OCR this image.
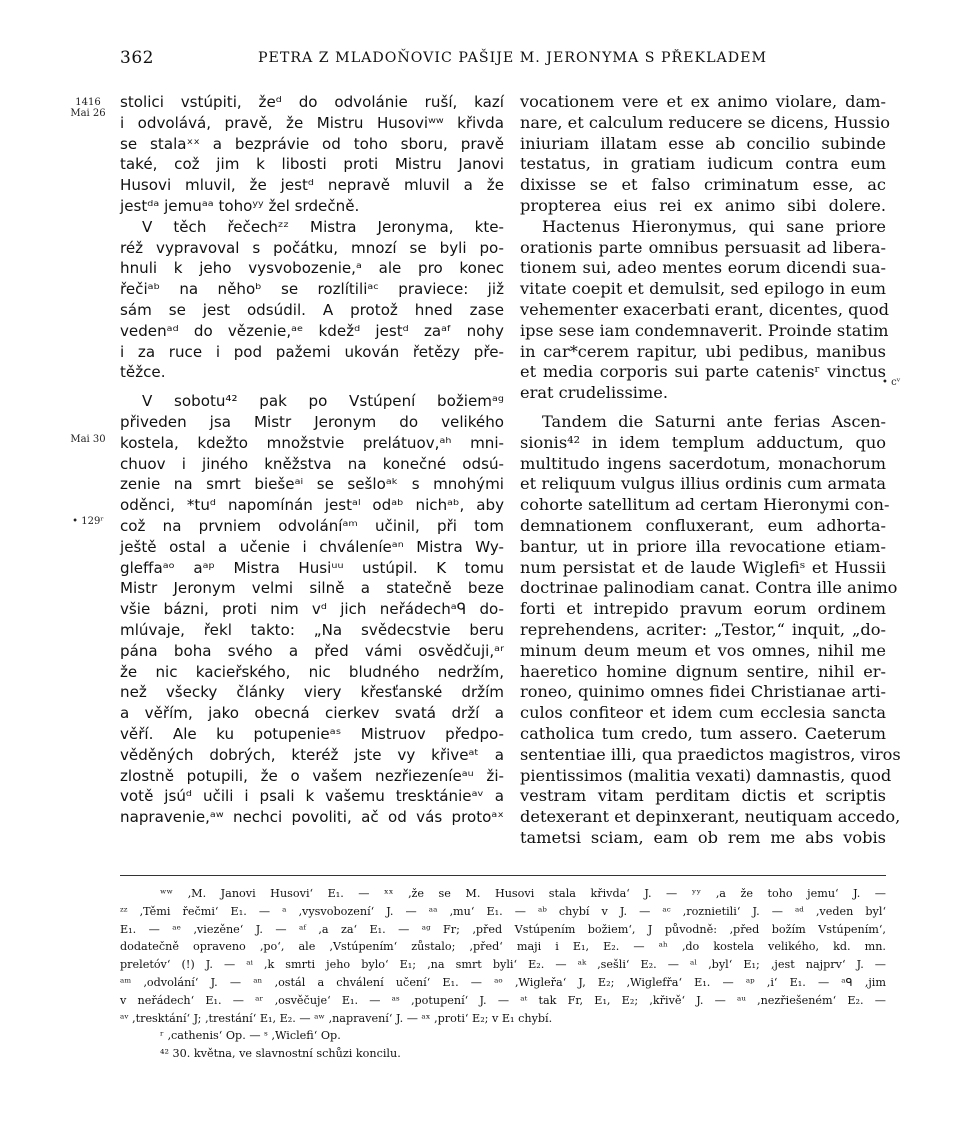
362	PETRA Z MLADOŇOVIC PAŠIJE M. JERONYMA S PŘEKLADEM
1416
Mai 26
Mai 30
• 129ʳ
• cᵛ
stolici vstúpiti, žeᵈ do odvolánie ruší, kazí
i odvolává, pravě, že Mistru Husoviʷʷ křivda
se stalaˣˣ a bezprávie od toho sboru, pravě
také, což jim k libosti proti Mistru Janovi
Husovi mluvil, že jestᵈ nepravě mluvil a že
jestᵈᵃ jemuᵃᵃ tohoʸʸ žel srdečně.
V těch řečechᶻᶻ Mistra Jeronyma, kte-
réž vypravoval s počátku, mnozí se byli po-
hnuli k jeho vysvobozenie,ᵃ ale pro konec
řečiᵃᵇ na něhoᵇ se rozlítiliᵃᶜ praviece: již
sám se jest odsúdil. A protož hned zase
vedenᵃᵈ do vězenie,ᵃᵉ kdežᵈ jestᵈ zaᵃᶠ nohy
i za ruce i pod pažemi ukován řetězy pře-
těžce.
V sobotu⁴² pak po Vstúpení božiemᵃᵍ
přiveden jsa Mistr Jeronym do velikého
kostela, kdežto množstvie prelátuov,ᵃʰ mni-
chuov i jiného kněžstva na konečné odsú-
zenie na smrt biešeᵃⁱ se sešloᵃᵏ s mnohými
oděnci, *tuᵈ napomínán jestᵃˡ odᵃᵇ nichᵃᵇ, aby
což na prvniem odvoláníᵃᵐ učinil, při tom
ještě ostal a učenie i chváleníeᵃⁿ Mistra Wy-
gleffaᵃᵒ aᵃᵖ Mistra Husiᵘᵘ ustúpil. K tomu
Mistr Jeronym velmi silně a statečně beze
všie bázni, proti nim vᵈ jich neřádechᵃᑫ do-
mlúvaje, řekl takto: „Na svědecstvie beru
pána boha svého a před vámi osvědčuji,ᵃʳ
že nic kacieřského, nic bludného nedržím,
než všecky články viery křesťanské držím
a věřím, jako obecná cierkev svatá drží a
věří. Ale ku potupenieᵃˢ Mistruov předpo-
věděných dobrých, kteréž jste vy křiveᵃᵗ a
zlostně potupili, že o vašem nezřiezeníeᵃᵘ ži-
votě jsúᵈ učili i psali k vašemu tresktánieᵃᵛ a
napravenie,ᵃʷ nechci povoliti, ač od vás protoᵃˣ
vocationem vere et ex animo violare, dam-
nare, et calculum reducere se dicens, Hussio
iniuriam illatam esse ab concilio subinde
testatus, in gratiam iudicum contra eum
dixisse se et falso criminatum esse, ac
propterea eius rei ex animo sibi dolere.
Hactenus Hieronymus, qui sane priore
orationis parte omnibus persuasit ad libera-
tionem sui, adeo mentes eorum dicendi sua-
vitate coepit et demulsit, sed epilogo in eum
vehementer exacerbati erant, dicentes, quod
ipse sese iam condemnaverit. Proinde statim
in car*cerem rapitur, ubi pedibus, manibus
et media corporis sui parte catenisʳ vinctus
erat crudelissime.
Tandem die Saturni ante ferias Ascen-
sionis⁴² in idem templum adductum, quo
multitudo ingens sacerdotum, monachorum
et reliquum vulgus illius ordinis cum armata
cohorte satellitum ad certam Hieronymi con-
demnationem confluxerant, eum adhorta-
bantur, ut in priore illa revocatione etiam-
num persistat et de laude Wiglefiˢ et Hussii
doctrinae palinodiam canat. Contra ille animo
forti et intrepido pravum eorum ordinem
reprehendens, acriter: „Testor,“ inquit, „do-
minum deum meum et vos omnes, nihil me
haeretico homine dignum sentire, nihil er-
roneo, quinimo omnes fidei Christianae arti-
culos confiteor et idem cum ecclesia sancta
catholica tum credo, tum assero. Caeterum
sententiae illi, qua praedictos magistros, viros
pientissimos (malitia vexati) damnastis, quod
vestram vitam perditam dictis et scriptis
detexerant et depinxerant, neutiquam accedo,
tametsi sciam, eam ob rem me abs vobis
ʷʷ ‚M. Janovi Husovi‘ E₁. — ˣˣ ‚že se M. Husovi stala křivda‘ J. — ʸʸ ‚a že toho jemu‘ J. —
ᶻᶻ ‚Těmi řečmi‘ E₁. — ᵃ ‚vysvobození‘ J. — ᵃᵃ ‚mu‘ E₁. — ᵃᵇ chybí v J. — ᵃᶜ ‚roznietili‘ J. — ᵃᵈ ‚veden byl‘
E₁. — ᵃᵉ ‚viezěne‘ J. — ᵃᶠ ‚a za‘ E₁. — ᵃᵍ Fr; ‚před Vstúpením božiem‘, J původně: ‚před božím Vstúpením‘,
dodatečně opraveno ‚po‘, ale ‚Vstúpením‘ zůstalo; ‚před‘ maji i E₁, E₂. — ᵃʰ ‚do kostela velikého, kd. mn.
preletóv‘ (!) J. — ᵃⁱ ‚k smrti jeho bylo‘ E₁; ‚na smrt byli‘ E₂. — ᵃᵏ ‚sešli‘ E₂. — ᵃˡ ‚byl‘ E₁; ‚jest najprv‘ J. —
ᵃᵐ ‚odvolání‘ J. — ᵃⁿ ‚ostál a chválení učení‘ E₁. — ᵃᵒ ‚Wigleřa‘ J, E₂; ‚Wiglefřa‘ E₁. — ᵃᵖ ‚i‘ E₁. — ᵃᑫ ‚jim
v neřádech‘ E₁. — ᵃʳ ‚osvěčuje‘ E₁. — ᵃˢ ‚potupení‘ J. — ᵃᵗ tak Fr, E₁, E₂; ‚křivě‘ J. — ᵃᵘ ‚nezřiešeném‘ E₂. —
ᵃᵛ ‚tresktání‘ J; ‚trestání‘ E₁, E₂. — ᵃʷ ‚napravení‘ J. — ᵃˣ ‚proti‘ E₂; v E₁ chybí.
ʳ ‚cathenis‘ Op. — ˢ ‚Wiclefi‘ Op.
⁴² 30. května, ve slavnostní schůzi koncilu.
